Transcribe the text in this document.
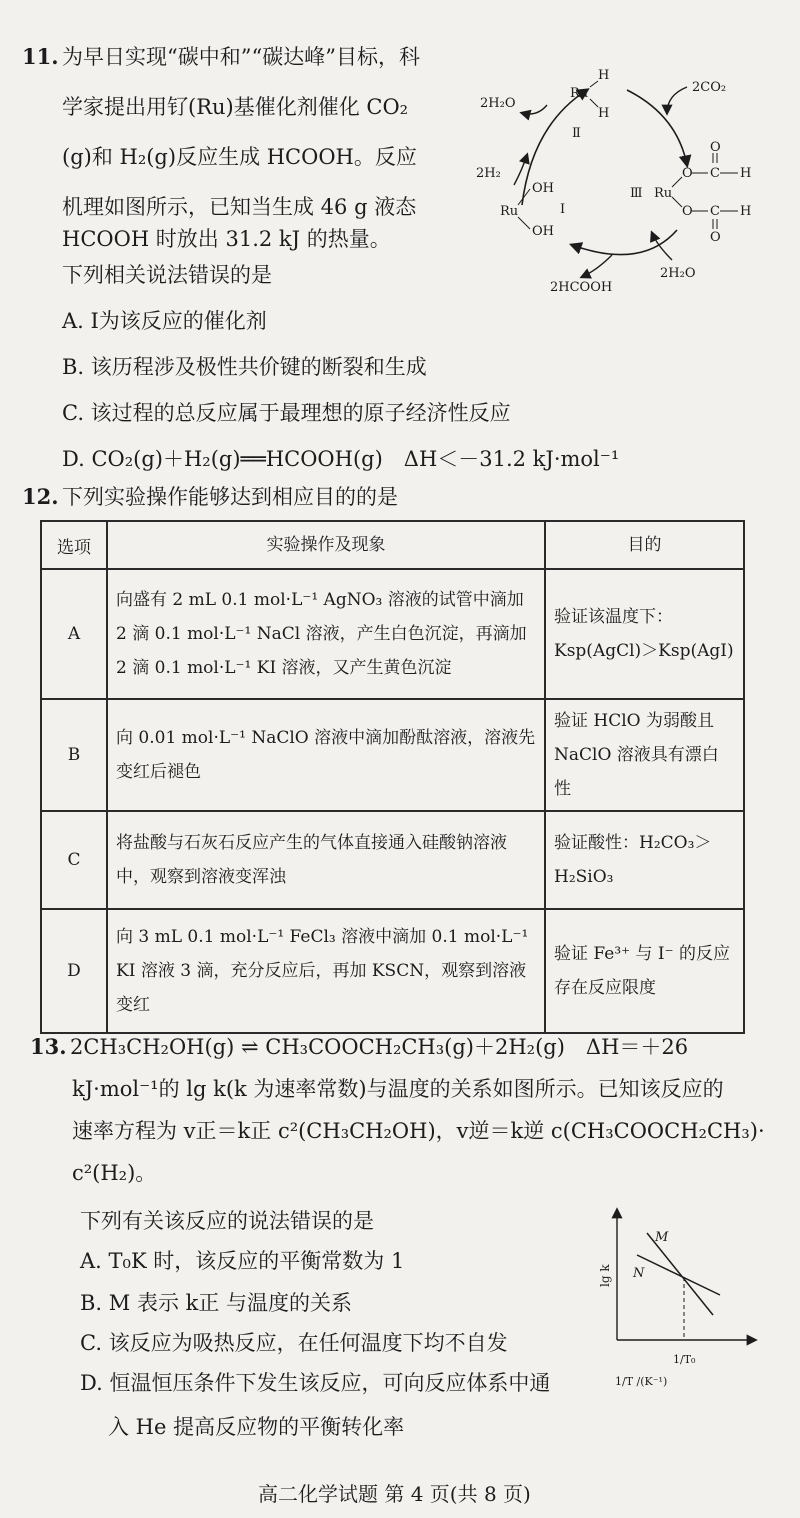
11. 为早日实现“碳中和”“碳达峰”目标，科
学家提出用钌(Ru)基催化剂催化 CO₂
(g)和 H₂(g)反应生成 HCOOH。反应
机理如图所示，已知当生成 46 g 液态
HCOOH 时放出 31.2 kJ 的热量。
下列相关说法错误的是
A. Ⅰ为该反应的催化剂
B. 该历程涉及极性共价键的断裂和生成
C. 该过程的总反应属于最理想的原子经济性反应
D. CO₂(g)＋H₂(g)══HCOOH(g)　ΔH＜－31.2 kJ·mol⁻¹
Ru
H
H
Ⅱ
Ru
OH
OH
Ⅰ
Ⅲ Ru
O
O
C
C
H
H
O
O
2H₂O
2H₂
2CO₂
2H₂O
2HCOOH
12. 下列实验操作能够达到相应目的的是
选项	实验操作及现象	目的
A	向盛有 2 mL 0.1 mol·L⁻¹ AgNO₃ 溶液的试管中滴加 2 滴 0.1 mol·L⁻¹ NaCl 溶液，产生白色沉淀，再滴加 2 滴 0.1 mol·L⁻¹ KI 溶液，又产生黄色沉淀	验证该温度下：Ksp(AgCl)＞Ksp(AgI)
B	向 0.01 mol·L⁻¹ NaClO 溶液中滴加酚酞溶液，溶液先变红后褪色	验证 HClO 为弱酸且 NaClO 溶液具有漂白性
C	将盐酸与石灰石反应产生的气体直接通入硅酸钠溶液中，观察到溶液变浑浊	验证酸性：H₂CO₃＞H₂SiO₃
D	向 3 mL 0.1 mol·L⁻¹ FeCl₃ 溶液中滴加 0.1 mol·L⁻¹ KI 溶液 3 滴，充分反应后，再加 KSCN，观察到溶液变红	验证 Fe³⁺ 与 I⁻ 的反应存在反应限度
13. 2CH₃CH₂OH(g) ⇌ CH₃COOCH₂CH₃(g)＋2H₂(g)　ΔH＝＋26
kJ·mol⁻¹的 lg k(k 为速率常数)与温度的关系如图所示。已知该反应的
速率方程为 v正＝k正 c²(CH₃CH₂OH)，v逆＝k逆 c(CH₃COOCH₂CH₃)·
c²(H₂)。
下列有关该反应的说法错误的是
A. T₀K 时，该反应的平衡常数为 1
B. M 表示 k正 与温度的关系
C. 该反应为吸热反应，在任何温度下均不自发
D. 恒温恒压条件下发生该反应，可向反应体系中通
入 He 提高反应物的平衡转化率
M
N
lg k
1/T₀
1/T /(K⁻¹)
高二化学试题 第 4 页(共 8 页)
